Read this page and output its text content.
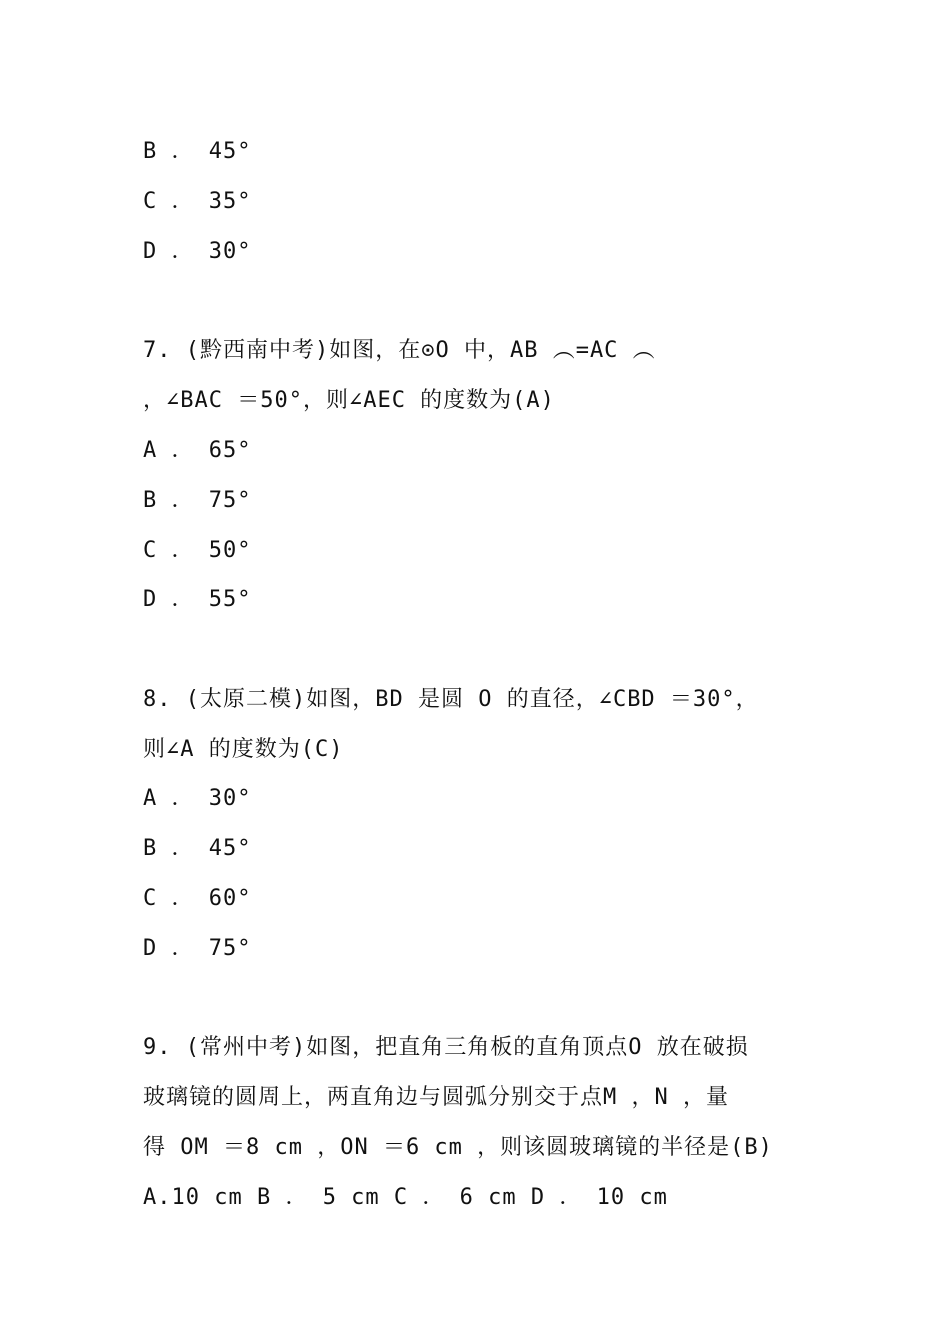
B ． 45°
C ． 35°
D ． 30°
7. (黔西南中考)如图，在⊙O 中，AB ︵=AC ︵
，∠BAC ＝50°，则∠AEC 的度数为(A)
A ． 65°
B ． 75°
C ． 50°
D ． 55°
8. (太原二模)如图，BD 是圆 O 的直径，∠CBD ＝30°，
则∠A 的度数为(C)
A ． 30°
B ． 45°
C ． 60°
D ． 75°
9. (常州中考)如图，把直角三角板的直角顶点O 放在破损
玻璃镜的圆周上，两直角边与圆弧分别交于点M ，N ，量
得 OM ＝8 cm ，ON ＝6 cm ，则该圆玻璃镜的半径是(B)
A.10 cm B ． 5 cm C ． 6 cm D ． 10 cm
